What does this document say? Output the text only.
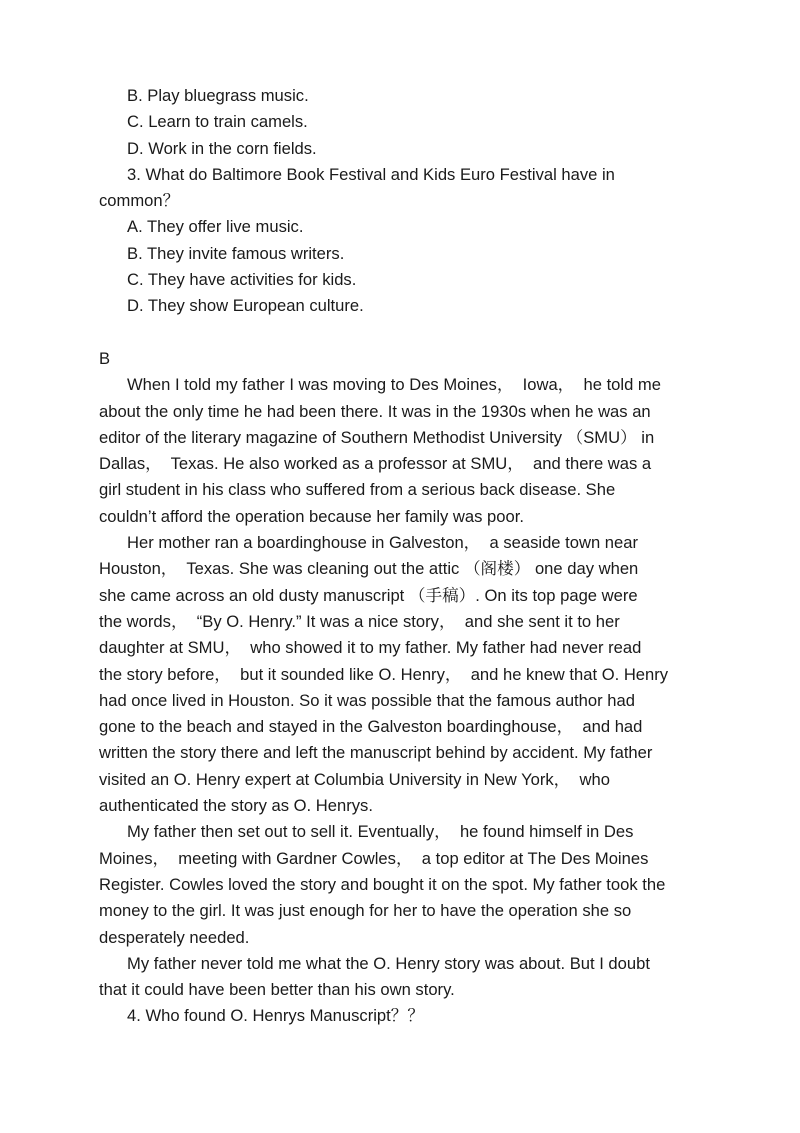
B. Play bluegrass music.
C. Learn to train camels.
D. Work in the corn fields.
3. What do Baltimore Book Festival and Kids Euro Festival have in
common？
A. They offer live music.
B. They invite famous writers.
C. They have activities for kids.
D. They show European culture.
B
When I told my father I was moving to Des Moines，  Iowa，  he told me
about the only time he had been there. It was in the 1930s when he was an
editor of the literary magazine of Southern Methodist University （SMU） in
Dallas，  Texas. He also worked as a professor at SMU，  and there was a
girl student in his class who suffered from a serious back disease. She
couldn’t afford the operation because her family was poor.
Her mother ran a boardinghouse in Galveston，  a seaside town near
Houston，  Texas. She was cleaning out the attic （阁楼） one day when
she came across an old dusty manuscript （手稿）. On its top page were
the words，  “By O. Henry.” It was a nice story，  and she sent it to her
daughter at SMU，  who showed it to my father. My father had never read
the story before，  but it sounded like O. Henry，  and he knew that O. Henry
had once lived in Houston. So it was possible that the famous author had
gone to the beach and stayed in the Galveston boardinghouse，  and had
written the story there and left the manuscript behind by accident. My father
visited an O. Henry expert at Columbia University in New York，  who
authenticated the story as O. Henrys.
My father then set out to sell it. Eventually，  he found himself in Des
Moines，  meeting with Gardner Cowles，  a top editor at The Des Moines
Register. Cowles loved the story and bought it on the spot. My father took the
money to the girl. It was just enough for her to have the operation she so
desperately needed.
My father never told me what the O. Henry story was about. But I doubt
that it could have been better than his own story.
4. Who found O. Henrys Manuscript？？
